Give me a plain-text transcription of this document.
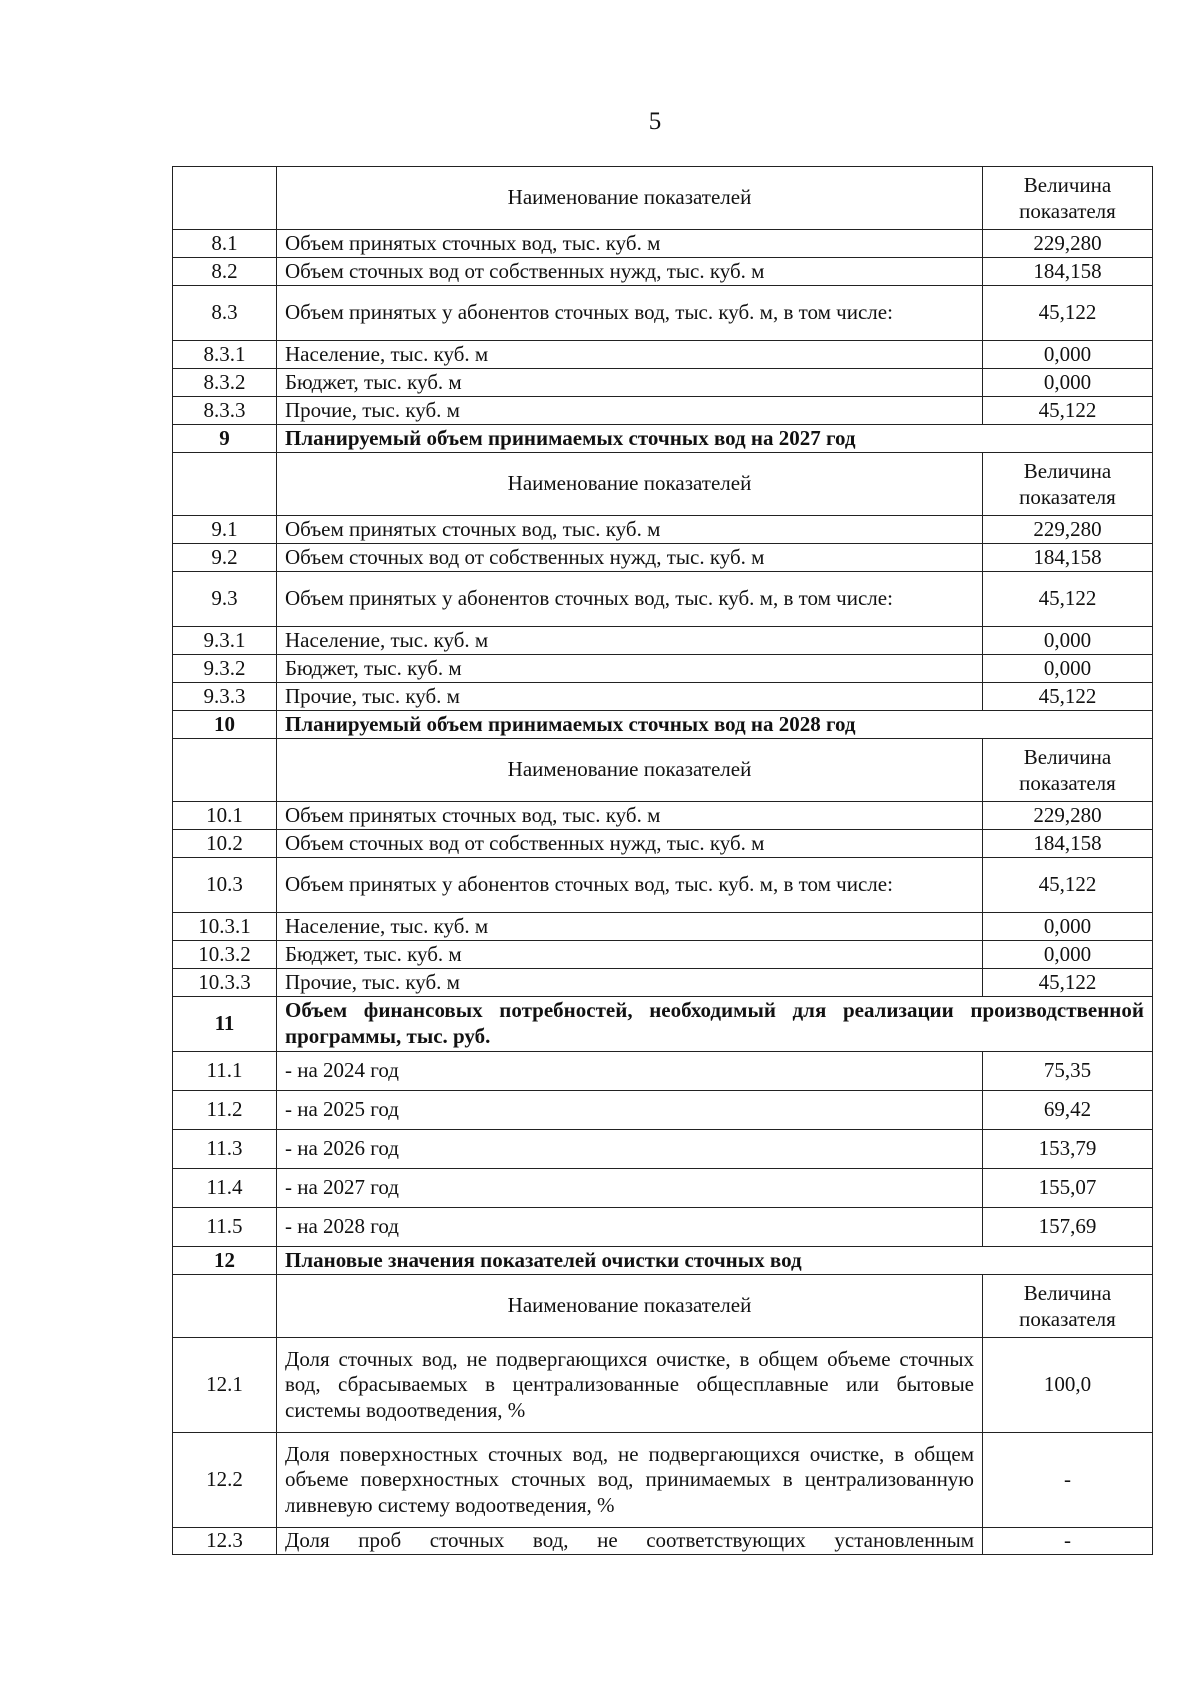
5
	Наименование показателей	Величина показателя
8.1	Объем принятых сточных вод, тыс. куб. м	229,280
8.2	Объем сточных вод от собственных нужд, тыс. куб. м	184,158
8.3	Объем принятых у абонентов сточных вод, тыс. куб. м, в том числе:	45,122
8.3.1	Население, тыс. куб. м	0,000
8.3.2	Бюджет, тыс. куб. м	0,000
8.3.3	Прочие, тыс. куб. м	45,122
9	Планируемый объем принимаемых сточных вод на 2027 год	
	Наименование показателей	Величина показателя
9.1	Объем принятых сточных вод, тыс. куб. м	229,280
9.2	Объем сточных вод от собственных нужд, тыс. куб. м	184,158
9.3	Объем принятых у абонентов сточных вод, тыс. куб. м, в том числе:	45,122
9.3.1	Население, тыс. куб. м	0,000
9.3.2	Бюджет, тыс. куб. м	0,000
9.3.3	Прочие, тыс. куб. м	45,122
10	Планируемый объем принимаемых сточных вод на 2028 год	
	Наименование показателей	Величина показателя
10.1	Объем принятых сточных вод, тыс. куб. м	229,280
10.2	Объем сточных вод от собственных нужд, тыс. куб. м	184,158
10.3	Объем принятых у абонентов сточных вод, тыс. куб. м, в том числе:	45,122
10.3.1	Население, тыс. куб. м	0,000
10.3.2	Бюджет, тыс. куб. м	0,000
10.3.3	Прочие, тыс. куб. м	45,122
11	Объем финансовых потребностей, необходимый для реализации производственной программы, тыс. руб.	
11.1	- на 2024 год	75,35
11.2	- на 2025 год	69,42
11.3	- на 2026 год	153,79
11.4	- на 2027 год	155,07
11.5	- на 2028 год	157,69
12	Плановые значения показателей очистки сточных вод	
	Наименование показателей	Величина показателя
12.1	Доля сточных вод, не подвергающихся очистке, в общем объеме сточных вод, сбрасываемых в централизованные общесплавные или бытовые системы водоотведения, %	100,0
12.2	Доля поверхностных сточных вод, не подвергающихся очистке, в общем объеме поверхностных сточных вод, принимаемых в централизованную ливневую систему водоотведения, %	-
12.3	Доля проб сточных вод, не соответствующих установленным	-
